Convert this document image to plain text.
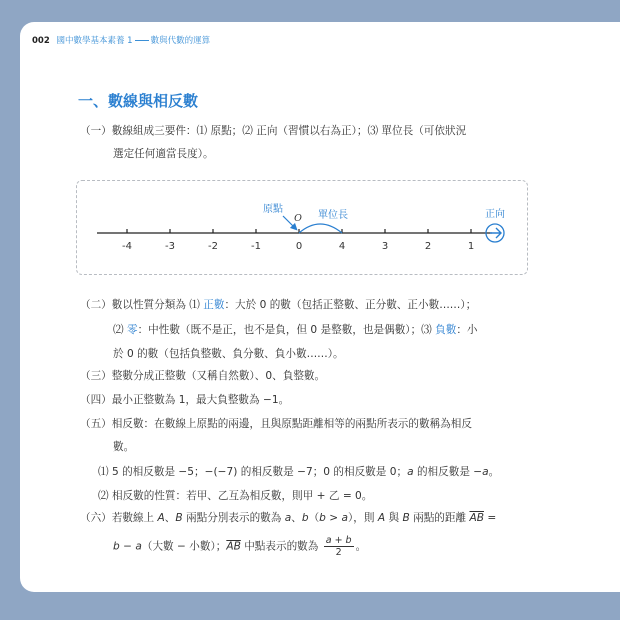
002 國中數學基本素養 1 數與代數的運算
一、數線與相反數
（一）數線組成三要件：⑴ 原點；⑵ 正向（習慣以右為正）；⑶ 單位長（可依狀況
選定任何適當長度）。
-4	-3	-2	-1	0	4	3	2	1
原點
O 單位長	正向
（二）數以性質分類為 ⑴ 正數：大於 0 的數（包括正整數、正分數、正小數……）；
⑵ 零：中性數（既不是正，也不是負，但 0 是整數，也是偶數）；⑶ 負數：小
於 0 的數（包括負整數、負分數、負小數……）。
（三）整數分成正整數（又稱自然數）、0、負整數。
（四）最小正整數為 1，最大負整數為 −1。
（五）相反數：在數線上原點的兩邊，且與原點距離相等的兩點所表示的數稱為相反
數。
⑴ 5 的相反數是 −5；−(−7) 的相反數是 −7；0 的相反數是 0；a 的相反數是 −a。
⑵ 相反數的性質：若甲、乙互為相反數，則甲 + 乙 = 0。
（六）若數線上 A、B 兩點分別表示的數為 a、b（b > a），則 A 與 B 兩點的距離 $\overline{AB}$ =
b − a（大數 − 小數）；$\overline{AB}$ 中點表示的數為 $\frac{a + b}{2}$ 。
